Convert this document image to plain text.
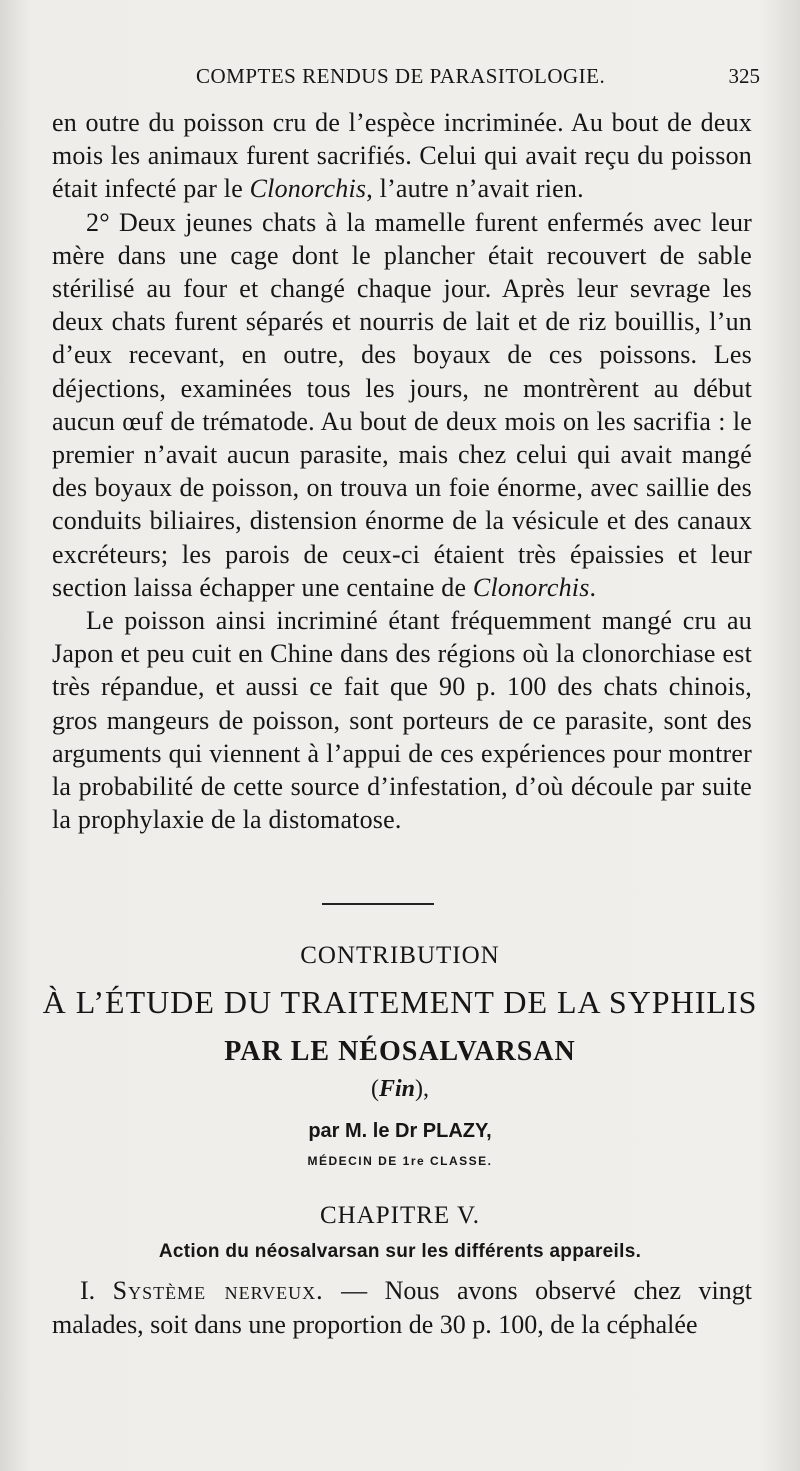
COMPTES RENDUS DE PARASITOLOGIE.	325

en outre du poisson cru de l’espèce incriminée. Au bout de deux mois les animaux furent sacrifiés. Celui qui avait reçu du poisson était infecté par le Clonorchis, l’autre n’avait rien.

2° Deux jeunes chats à la mamelle furent enfermés avec leur mère dans une cage dont le plancher était recouvert de sable stérilisé au four et changé chaque jour. Après leur sevrage les deux chats furent séparés et nourris de lait et de riz bouillis, l’un d’eux recevant, en outre, des boyaux de ces poissons. Les déjections, examinées tous les jours, ne montrèrent au début aucun œuf de trématode. Au bout de deux mois on les sacrifia : le premier n’avait aucun parasite, mais chez celui qui avait mangé des boyaux de poisson, on trouva un foie énorme, avec saillie des conduits biliaires, distension énorme de la vésicule et des canaux excréteurs; les parois de ceux-ci étaient très épaissies et leur section laissa échapper une centaine de Clonorchis.

Le poisson ainsi incriminé étant fréquemment mangé cru au Japon et peu cuit en Chine dans des régions où la clonorchiase est très répandue, et aussi ce fait que 90 p. 100 des chats chinois, gros mangeurs de poisson, sont porteurs de ce parasite, sont des arguments qui viennent à l’appui de ces expériences pour montrer la probabilité de cette source d’infestation, d’où découle par suite la prophylaxie de la distomatose.

CONTRIBUTION
À L’ÉTUDE DU TRAITEMENT DE LA SYPHILIS
PAR LE NÉOSALVARSAN
(Fin),
par M. le Dr PLAZY,
MÉDECIN DE 1re CLASSE.
CHAPITRE V.
Action du néosalvarsan sur les différents appareils.

I. Système nerveux. — Nous avons observé chez vingt malades, soit dans une proportion de 30 p. 100, de la céphalée
